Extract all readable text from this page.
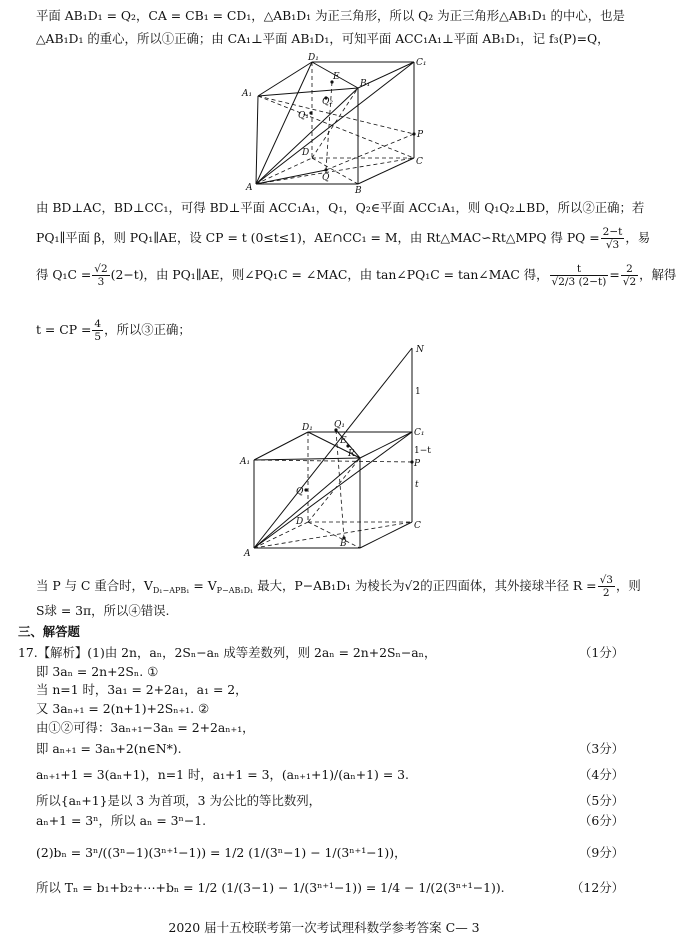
平面 AB₁D₁ = Q₂，CA = CB₁ = CD₁，△AB₁D₁ 为正三角形，所以 Q₂ 为正三角形△AB₁D₁ 的中心，也是
△AB₁D₁ 的重心，所以①正确；由 CA₁⊥平面 AB₁D₁，可知平面 ACC₁A₁⊥平面 AB₁D₁，记 f₃(P)=Q，
D₁	C₁
A₁
B₁
E
Q₂
Q₁
P
D
C
A	B
Q
由 BD⊥AC，BD⊥CC₁，可得 BD⊥平面 ACC₁A₁，Q₁，Q₂∈平面 ACC₁A₁，则 Q₁Q₂⊥BD，所以②正确；若
PQ₁∥平面 β，则 PQ₁∥AE，设 CP = t (0≤t≤1)，AE∩CC₁ = M，由 Rt△MAC∽Rt△MPQ 得 PQ = $\frac{2-t}{√3}$ ，易
得 $Q_1C = \frac{√2}{3} (2-t)$，由 PQ₁∥AE，则∠PQ₁C = ∠MAC，由 tan∠PQ₁C = tan∠MAC 得， $\frac{t}{√2/3 (2-t)} = \frac{2}{√2}$ ，解得
t = CP = $\frac{4}{5}$ ，所以③正确；
N
1
1−t
t
D₁ Q₁
C₁
E
R
A₁	P
Q
D	C
A
B
当 P 与 C 重合时，$V_{D_1-APB_1} = V_{P-AB_1D_1}$ 最大，P−AB₁D₁ 为棱长为√2的正四面体，其外接球半径 $R = \frac{√3}{2}$ ，则
S球 = 3π，所以④错误.
三、解答题
17.【解析】(1)由 2n，aₙ，2Sₙ−aₙ 成等差数列，则 2aₙ = 2n+2Sₙ−aₙ，	（1分）
即 3aₙ = 2n+2Sₙ. ①
当 n=1 时，3a₁ = 2+2a₁，a₁ = 2，
又 3aₙ₊₁ = 2(n+1)+2Sₙ₊₁. ②
由①②可得：3aₙ₊₁−3aₙ = 2+2aₙ₊₁，
即 aₙ₊₁ = 3aₙ+2(n∈N*).	（3分）
aₙ₊₁+1 = 3(aₙ+1)，n=1 时，a₁+1 = 3，(aₙ₊₁+1)/(aₙ+1) = 3.	（4分）
所以{aₙ+1}是以 3 为首项，3 为公比的等比数列，	（5分）
aₙ+1 = 3ⁿ，所以 aₙ = 3ⁿ−1.	（6分）
(2)bₙ = 3ⁿ/((3ⁿ−1)(3ⁿ⁺¹−1)) = 1/2 (1/(3ⁿ−1) − 1/(3ⁿ⁺¹−1))，	（9分）
所以 Tₙ = b₁+b₂+⋯+bₙ = 1/2 (1/(3−1) − 1/(3ⁿ⁺¹−1)) = 1/4 − 1/(2(3ⁿ⁺¹−1)).	（12分）
2020 届十五校联考第一次考试理科数学参考答案 C— 3
